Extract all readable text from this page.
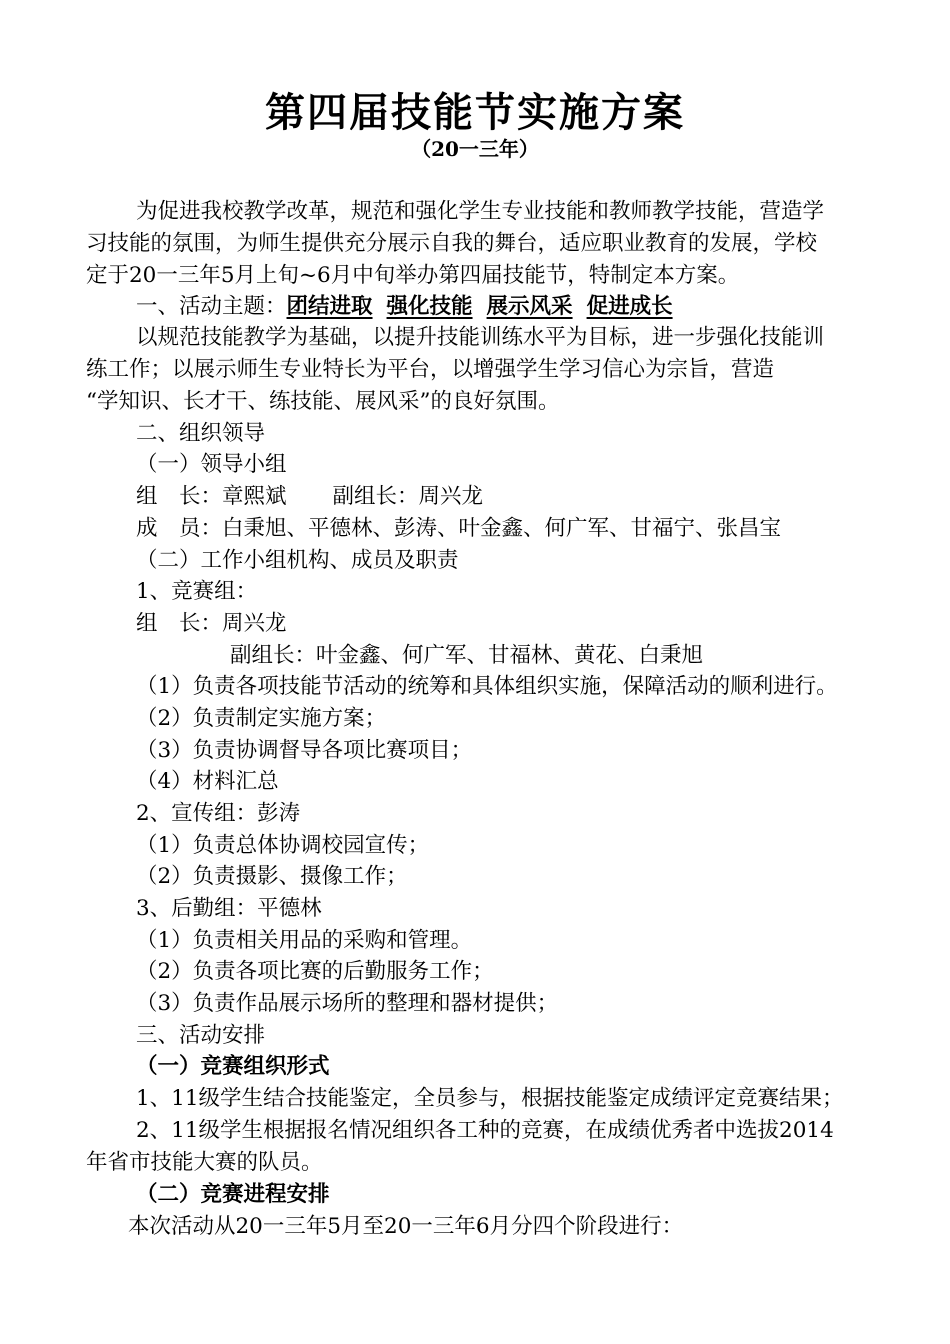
第四届技能节实施方案
（20一三年）
为促进我校教学改革，规范和强化学生专业技能和教师教学技能，营造学
习技能的氛围，为师生提供充分展示自我的舞台，适应职业教育的发展，学校
定于20一三年5月上旬~6月中旬举办第四届技能节，特制定本方案。
一、活动主题：团结进取 强化技能 展示风采 促进成长
以规范技能教学为基础，以提升技能训练水平为目标，进一步强化技能训
练工作；以展示师生专业特长为平台，以增强学生学习信心为宗旨，营造
“学知识、长才干、练技能、展风采”的良好氛围。
二、组织领导
（一）领导小组
组　长：章熙斌 副组长：周兴龙
成　员：白秉旭、平德林、彭涛、叶金鑫、何广军、甘福宁、张昌宝
（二）工作小组机构、成员及职责
1、竞赛组：
组　长：周兴龙
副组长：叶金鑫、何广军、甘福林、黄花、白秉旭
（1）负责各项技能节活动的统筹和具体组织实施，保障活动的顺利进行。
（2）负责制定实施方案；
（3）负责协调督导各项比赛项目；
（4）材料汇总
2、宣传组：彭涛
（1）负责总体协调校园宣传；
（2）负责摄影、摄像工作；
3、后勤组：平德林
（1）负责相关用品的采购和管理。
（2）负责各项比赛的后勤服务工作；
（3）负责作品展示场所的整理和器材提供；
三、活动安排
（一）竞赛组织形式
1、11级学生结合技能鉴定，全员参与，根据技能鉴定成绩评定竞赛结果；
2、11级学生根据报名情况组织各工种的竞赛，在成绩优秀者中选拔2014
年省市技能大赛的队员。
（二）竞赛进程安排
本次活动从20一三年5月至20一三年6月分四个阶段进行：
